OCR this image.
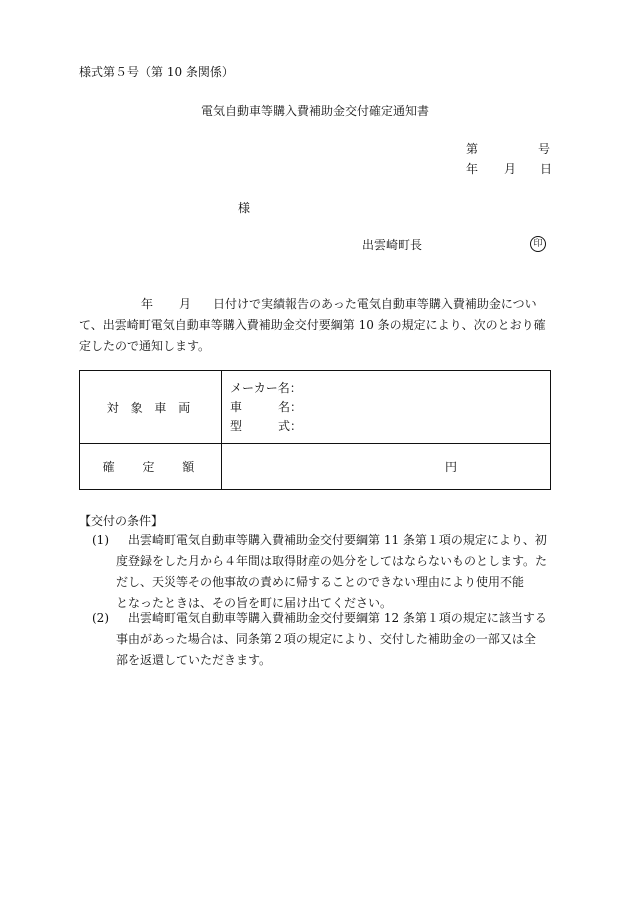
様式第５号（第 10 条関係）
電気自動車等購入費補助金交付確定通知書
第	号
年 月 日
様
出雲崎町長	印
年 月 日付けで実績報告のあった電気自動車等購入費補助金につい
て、出雲崎町電気自動車等購入費補助金交付要綱第 10 条の規定により、次のとおり確
定したので通知します。
対 象 車 両	メーカー名：
車　　　名：
型　　　式：

確　 定　 額	円
【交付の条件】
(1)	出雲崎町電気自動車等購入費補助金交付要綱第 11 条第１項の規定により、初
度登録をした月から４年間は取得財産の処分をしてはならないものとします。た
だし、天災等その他事故の責めに帰することのできない理由により使用不能
となったときは、その旨を町に届け出てください。
(2)	出雲崎町電気自動車等購入費補助金交付要綱第 12 条第１項の規定に該当する
事由があった場合は、同条第２項の規定により、交付した補助金の一部又は全
部を返還していただきます。
